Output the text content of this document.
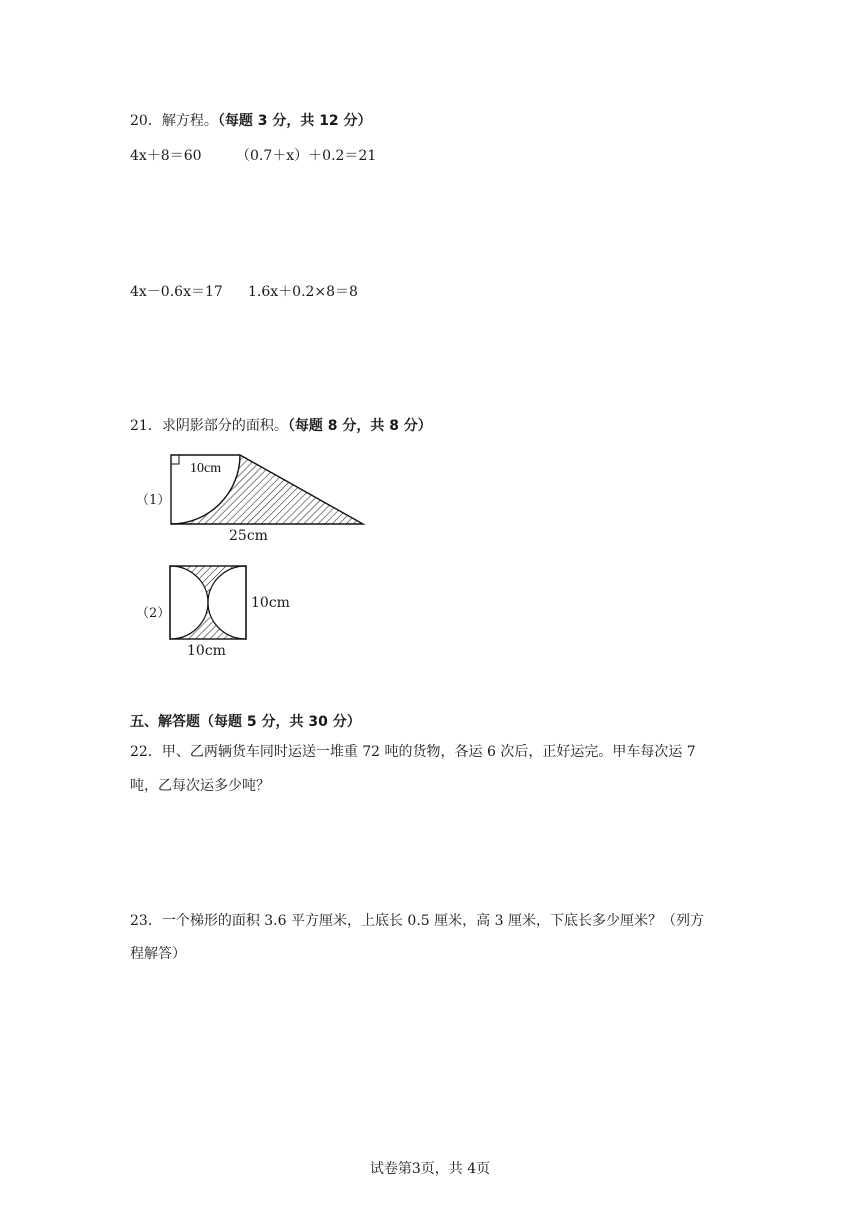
20．解方程。（每题 3 分，共 12 分）
4x＋8＝60 （0.7＋x）＋0.2＝21
4x－0.6x＝17 1.6x＋0.2×8＝8
21．求阴影部分的面积。（每题 8 分，共 8 分）
（1）
10cm
25cm
（2）
10cm
10cm
五、解答题（每题 5 分，共 30 分）
22．甲、乙两辆货车同时运送一堆重 72 吨的货物，各运 6 次后，正好运完。甲车每次运 7
吨，乙每次运多少吨？
23．一个梯形的面积 3.6 平方厘米，上底长 0.5 厘米，高 3 厘米，下底长多少厘米？（列方
程解答）
试卷第3页，共 4页
